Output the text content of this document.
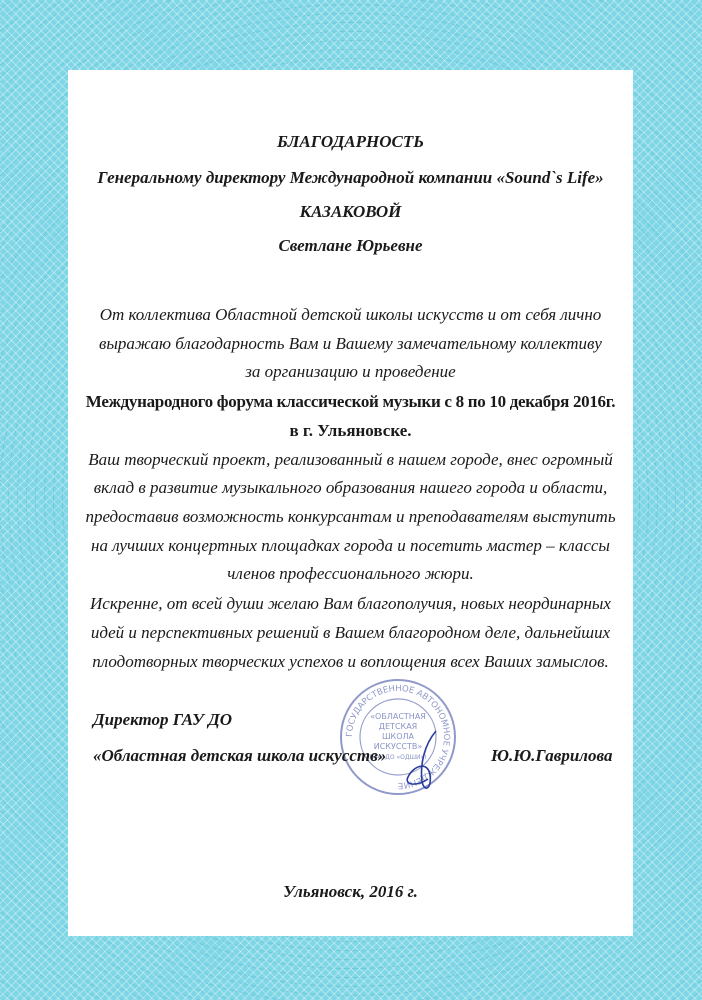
БЛАГОДАРНОСТЬ
Генеральному директору Международной компании «Sound`s Life»
КАЗАКОВОЙ
Светлане Юрьевне
От коллектива Областной детской школы искусств и от себя лично
выражаю благодарность Вам и Вашему замечательному коллективу
за организацию и проведение
Международного форума классической музыки с 8 по 10 декабря 2016г.
в г. Ульяновске.
Ваш творческий проект, реализованный в нашем городе, внес огромный
вклад в развитие музыкального образования нашего города и области,
предоставив возможность конкурсантам и преподавателям выступить
на лучших концертных площадках города и посетить мастер – классы
членов профессионального жюри.
Искренне, от всей души желаю Вам благополучия, новых неординарных
идей и перспективных решений в Вашем благородном деле, дальнейших
плодотворных творческих успехов и воплощения всех Ваших замыслов.
ГОСУДАРСТВЕННОЕ АВТОНОМНОЕ УЧРЕЖДЕНИЕ
«ОБЛАСТНАЯ
ДЕТСКАЯ
ШКОЛА
ИСКУССТВ»
(ГАУ ДО «ОДШИ»)
Директор ГАУ ДО
«Областная детская школа искусств»	Ю.Ю.Гаврилова
Ульяновск, 2016 г.
